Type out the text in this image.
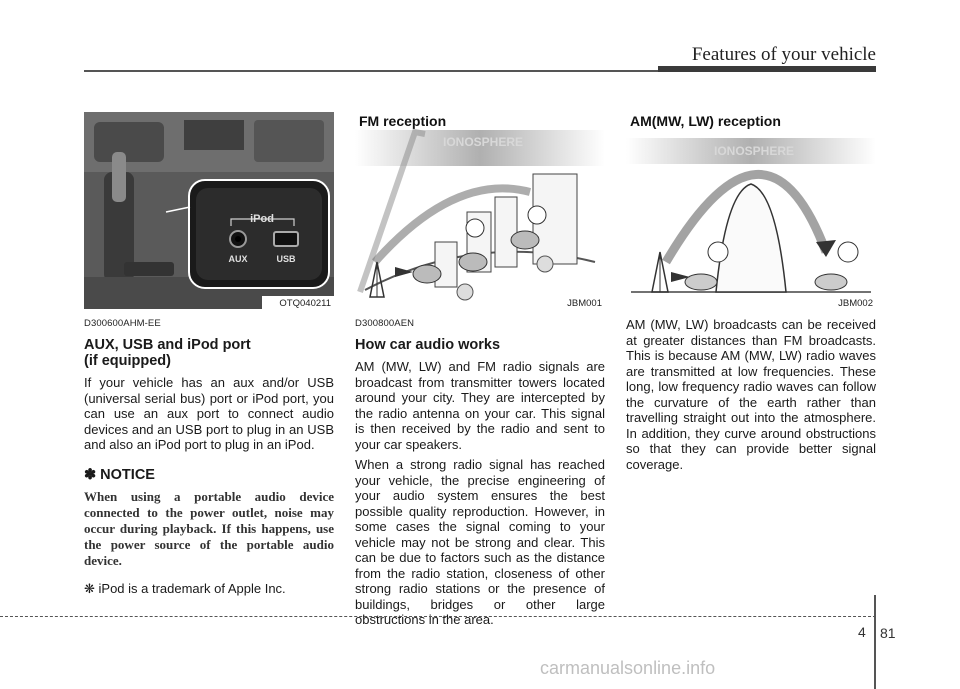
Features of your vehicle
iPod
AUX	USB
OTQ040211
D300600AHM-EE
AUX, USB and iPod port
(if equipped)

If your vehicle has an aux and/or USB (universal serial bus) port or iPod port, you can use an aux port to connect audio devices and an USB port to plug in an USB and also an iPod port to plug in an iPod.

✽ NOTICE
When using a portable audio device connected to the power outlet, noise may occur during playback. If this happens, use the power source of the portable audio device.

❋ iPod is a trademark of Apple Inc.

FM reception
IONOSPHERE
JBM001
D300800AEN
How car audio works

AM (MW, LW) and FM radio signals are broadcast from transmitter towers located around your city. They are intercepted by the radio antenna on your car. This signal is then received by the radio and sent to your car speakers.

When a strong radio signal has reached your vehicle, the precise engineering of your audio system ensures the best possible quality reproduction. However, in some cases the signal coming to your vehicle may not be strong and clear. This can be due to factors such as the distance from the radio station, closeness of other strong radio stations or the presence of buildings, bridges or other large obstructions in the area.

AM(MW, LW) reception
IONOSPHERE
JBM002

AM (MW, LW) broadcasts can be received at greater distances than FM broadcasts. This is because AM (MW, LW) radio waves are transmitted at low frequencies. These long, low frequency radio waves can follow the curvature of the earth rather than travelling straight out into the atmosphere. In addition, they curve around obstructions so that they can provide better signal coverage.

4 81
carmanualsonline.info
